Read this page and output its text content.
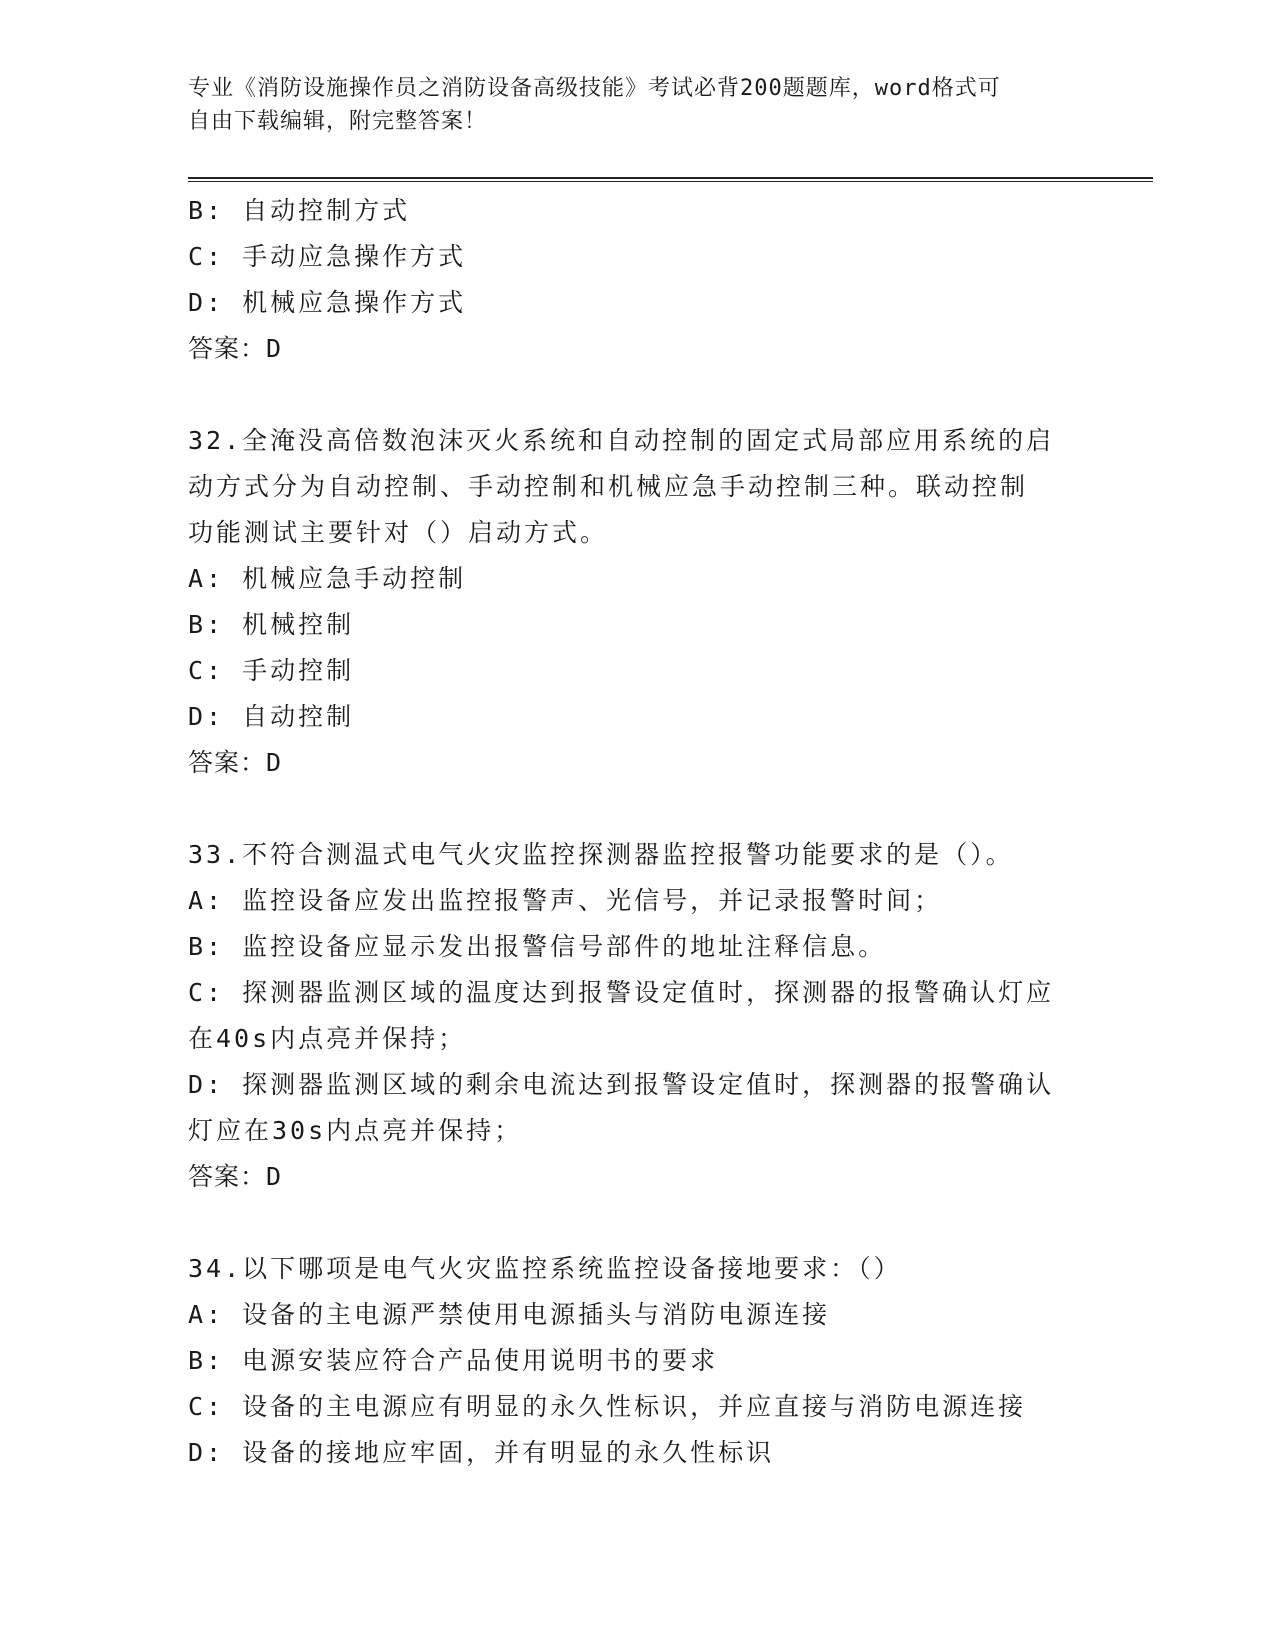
专业《消防设施操作员之消防设备高级技能》考试必背200题题库，word格式可
自由下载编辑，附完整答案！
B: 自动控制方式
C: 手动应急操作方式
D: 机械应急操作方式
答案：D
32.全淹没高倍数泡沫灭火系统和自动控制的固定式局部应用系统的启
动方式分为自动控制、手动控制和机械应急手动控制三种。联动控制
功能测试主要针对（）启动方式。
A: 机械应急手动控制
B: 机械控制
C: 手动控制
D: 自动控制
答案：D
33.不符合测温式电气火灾监控探测器监控报警功能要求的是（）。
A: 监控设备应发出监控报警声、光信号，并记录报警时间；
B: 监控设备应显示发出报警信号部件的地址注释信息。
C: 探测器监测区域的温度达到报警设定值时，探测器的报警确认灯应
在40s内点亮并保持；
D: 探测器监测区域的剩余电流达到报警设定值时，探测器的报警确认
灯应在30s内点亮并保持；
答案：D
34.以下哪项是电气火灾监控系统监控设备接地要求：（）
A: 设备的主电源严禁使用电源插头与消防电源连接
B: 电源安装应符合产品使用说明书的要求
C: 设备的主电源应有明显的永久性标识，并应直接与消防电源连接
D: 设备的接地应牢固，并有明显的永久性标识
